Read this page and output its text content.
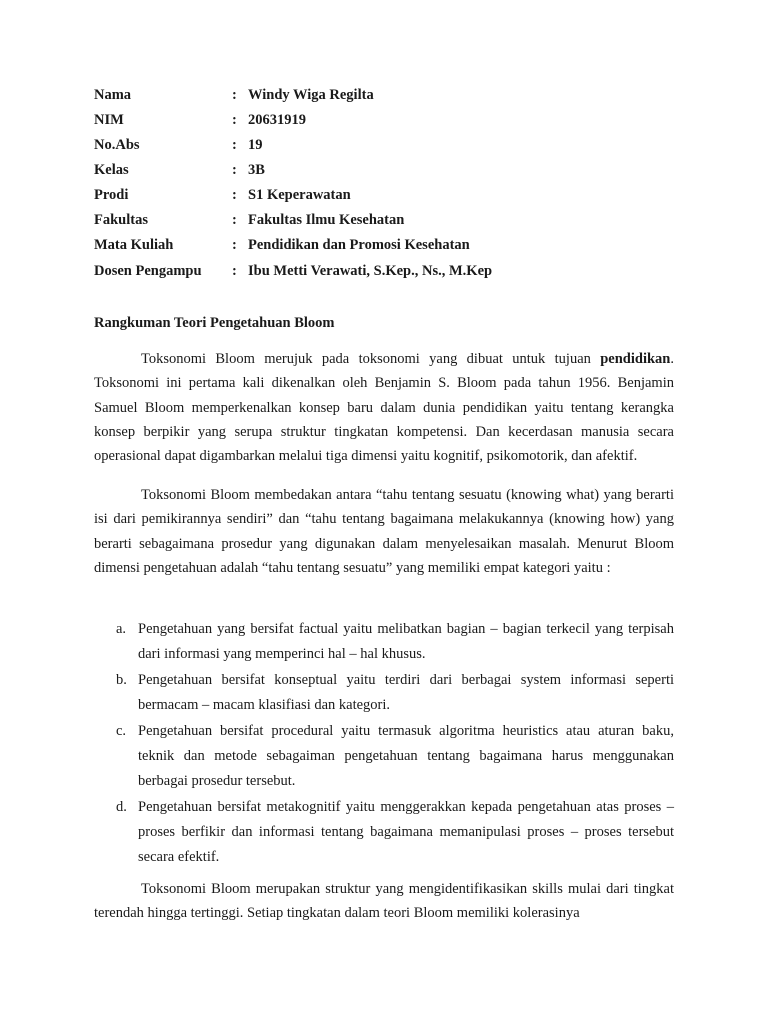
Nama	: Windy Wiga Regilta
NIM	: 20631919
No.Abs	: 19
Kelas	: 3B
Prodi	: S1 Keperawatan
Fakultas	: Fakultas Ilmu Kesehatan
Mata Kuliah	: Pendidikan dan Promosi Kesehatan
Dosen Pengampu : Ibu Metti Verawati, S.Kep., Ns., M.Kep

Rangkuman Teori Pengetahuan Bloom

Toksonomi Bloom merujuk pada toksonomi yang dibuat untuk tujuan pendidikan. Toksonomi ini pertama kali dikenalkan oleh Benjamin S. Bloom pada tahun 1956. Benjamin Samuel Bloom memperkenalkan konsep baru dalam dunia pendidikan yaitu tentang kerangka konsep berpikir yang serupa struktur tingkatan kompetensi. Dan kecerdasan manusia secara operasional dapat digambarkan melalui tiga dimensi yaitu kognitif, psikomotorik, dan afektif.

Toksonomi Bloom membedakan antara “tahu tentang sesuatu (knowing what) yang berarti isi dari pemikirannya sendiri” dan “tahu tentang bagaimana melakukannya (knowing how) yang berarti sebagaimana prosedur yang digunakan dalam menyelesaikan masalah. Menurut Bloom dimensi pengetahuan adalah “tahu tentang sesuatu” yang memiliki empat kategori yaitu :

a. Pengetahuan yang bersifat factual yaitu melibatkan bagian – bagian terkecil yang terpisah dari informasi yang memperinci hal – hal khusus.
b. Pengetahuan bersifat konseptual yaitu terdiri dari berbagai system informasi seperti bermacam – macam klasifiasi dan kategori.
c. Pengetahuan bersifat procedural yaitu termasuk algoritma heuristics atau aturan baku, teknik dan metode sebagaiman pengetahuan tentang bagaimana harus menggunakan berbagai prosedur tersebut.
d. Pengetahuan bersifat metakognitif yaitu menggerakkan kepada pengetahuan atas proses – proses berfikir dan informasi tentang bagaimana memanipulasi proses – proses tersebut secara efektif.

Toksonomi Bloom merupakan struktur yang mengidentifikasikan skills mulai dari tingkat terendah hingga tertinggi. Setiap tingkatan dalam teori Bloom memiliki kolerasinya
